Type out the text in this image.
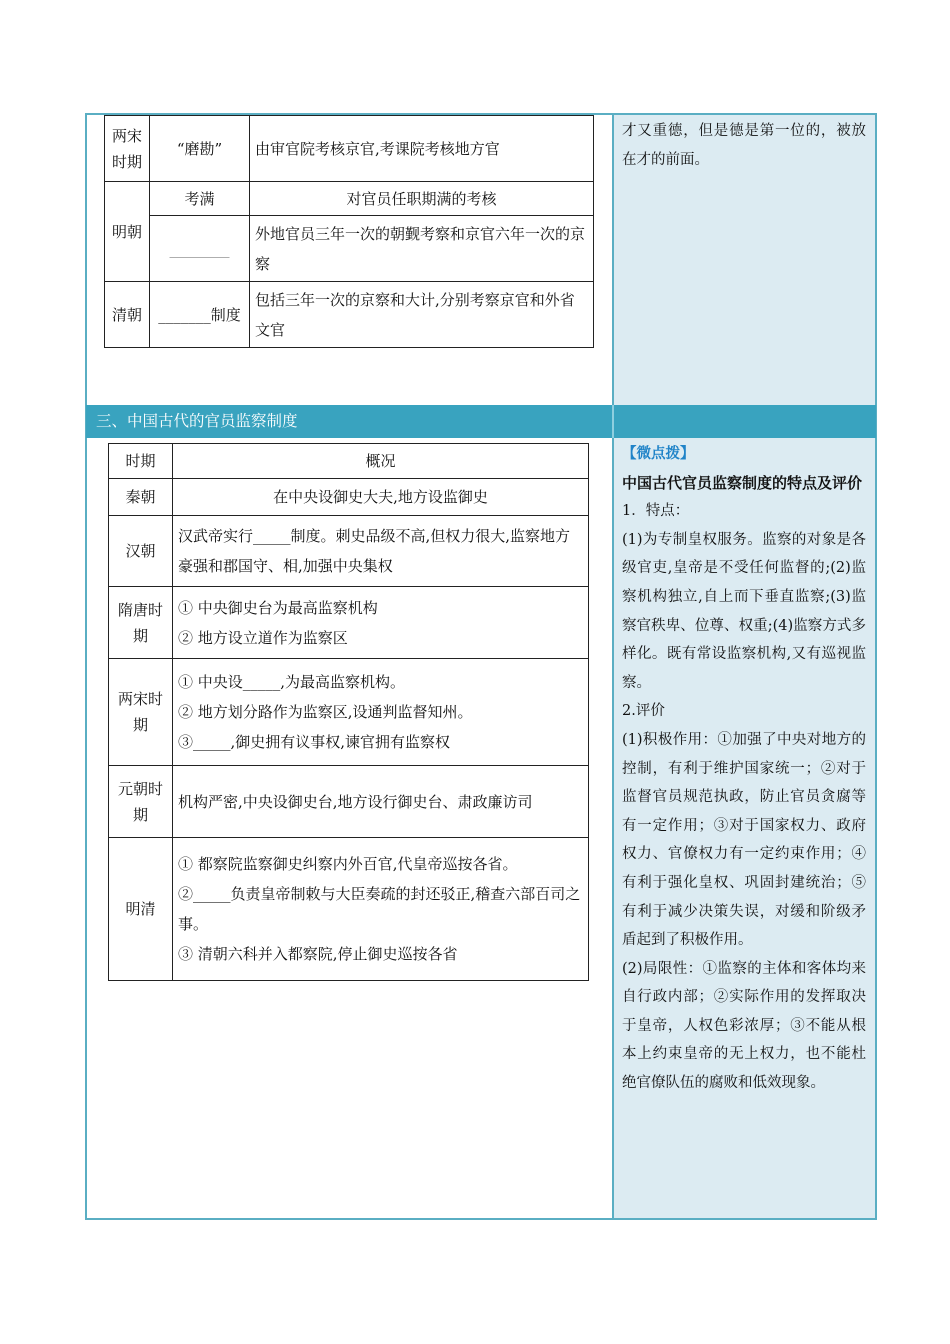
两宋时期	“磨勘”	由审官院考核京官,考课院考核地方官
明朝	考满	对官员任职期满的考核
	________	外地官员三年一次的朝觐考察和京官六年一次的京察
清朝	_______制度	包括三年一次的京察和大计,分别考察京官和外省文官

才又重德，但是德是第一位的，被放在才的前面。

三、中国古代的官员监察制度
时期	概况
秦朝	在中央设御史大夫,地方设监御史
汉朝	汉武帝实行_____制度。刺史品级不高,但权力很大,监察地方豪强和郡国守、相,加强中央集权
隋唐时期	① 中央御史台为最高监察机构
② 地方设立道作为监察区

两宋时期	① 中央设_____,为最高监察机构。
② 地方划分路作为监察区,设通判监督知州。
③_____,御史拥有议事权,谏官拥有监察权

元朝时期	机构严密,中央设御史台,地方设行御史台、肃政廉访司
明清	① 都察院监察御史纠察内外百官,代皇帝巡按各省。
②_____负责皇帝制敕与大臣奏疏的封还驳正,稽查六部百司之事。
③ 清朝六科并入都察院,停止御史巡按各省

【微点拨】

中国古代官员监察制度的特点及评价

1．特点：

(1)为专制皇权服务。监察的对象是各级官吏,皇帝是不受任何监督的;(2)监察机构独立,自上而下垂直监察;(3)监察官秩卑、位尊、权重;(4)监察方式多样化。既有常设监察机构,又有巡视监察。

2.评价

(1)积极作用：①加强了中央对地方的控制，有利于维护国家统一；②对于监督官员规范执政，防止官员贪腐等有一定作用；③对于国家权力、政府权力、官僚权力有一定约束作用；④有利于强化皇权、巩固封建统治；⑤有利于减少决策失误，对缓和阶级矛盾起到了积极作用。

(2)局限性：①监察的主体和客体均来自行政内部；②实际作用的发挥取决于皇帝，人权色彩浓厚；③不能从根本上约束皇帝的无上权力，也不能杜绝官僚队伍的腐败和低效现象。
